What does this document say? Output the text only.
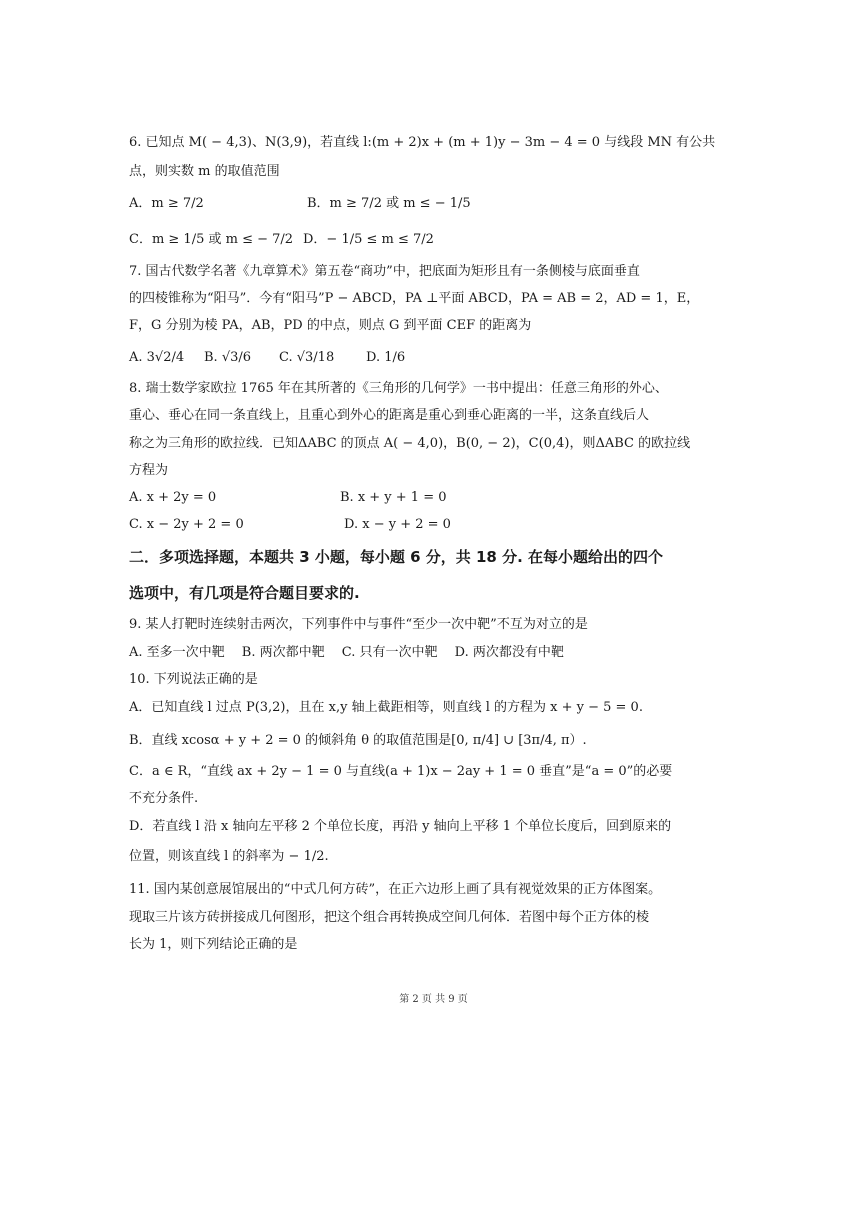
6. 已知点 M( − 4,3)、N(3,9)，若直线 l:(m + 2)x + (m + 1)y − 3m − 4 = 0 与线段 MN 有公共
点，则实数 m 的取值范围
A．m ≥ 7/2	B．m ≥ 7/2 或 m ≤ − 1/5
C．m ≥ 1/5 或 m ≤ − 7/2 D．− 1/5 ≤ m ≤ 7/2
7. 国古代数学名著《九章算术》第五卷“商功”中，把底面为矩形且有一条侧棱与底面垂直
的四棱锥称为“阳马”．今有“阳马”P − ABCD，PA ⊥平面 ABCD，PA = AB = 2，AD = 1，E，
F，G 分别为棱 PA，AB，PD 的中点，则点 G 到平面 CEF 的距离为
A. 3√2/4 B. √3/6 C. √3/18 D. 1/6
8. 瑞士数学家欧拉 1765 年在其所著的《三角形的几何学》一书中提出：任意三角形的外心、
重心、垂心在同一条直线上，且重心到外心的距离是重心到垂心距离的一半，这条直线后人
称之为三角形的欧拉线．已知ΔABC 的顶点 A( − 4,0)，B(0, − 2)，C(0,4)，则ΔABC 的欧拉线
方程为
A. x + 2y = 0	B. x + y + 1 = 0
C. x − 2y + 2 = 0	D. x − y + 2 = 0
二．多项选择题，本题共 3 小题，每小题 6 分，共 18 分. 在每小题给出的四个
选项中，有几项是符合题目要求的.
9. 某人打靶时连续射击两次，下列事件中与事件“至少一次中靶”不互为对立的是
A. 至多一次中靶　 B. 两次都中靶　 C. 只有一次中靶　 D. 两次都没有中靶
10. 下列说法正确的是
A．已知直线 l 过点 P(3,2)，且在 x,y 轴上截距相等，则直线 l 的方程为 x + y − 5 = 0.
B．直线 xcosα + y + 2 = 0 的倾斜角 θ 的取值范围是[0, π/4] ∪ [3π/4, π）.
C．a ∈ R，“直线 ax + 2y − 1 = 0 与直线(a + 1)x − 2ay + 1 = 0 垂直”是“a = 0”的必要
不充分条件.
D．若直线 l 沿 x 轴向左平移 2 个单位长度，再沿 y 轴向上平移 1 个单位长度后，回到原来的
位置，则该直线 l 的斜率为 − 1/2.
11. 国内某创意展馆展出的“中式几何方砖”，在正六边形上画了具有视觉效果的正方体图案。
现取三片该方砖拼接成几何图形，把这个组合再转换成空间几何体．若图中每个正方体的棱
长为 1，则下列结论正确的是
第 2 页 共 9 页
